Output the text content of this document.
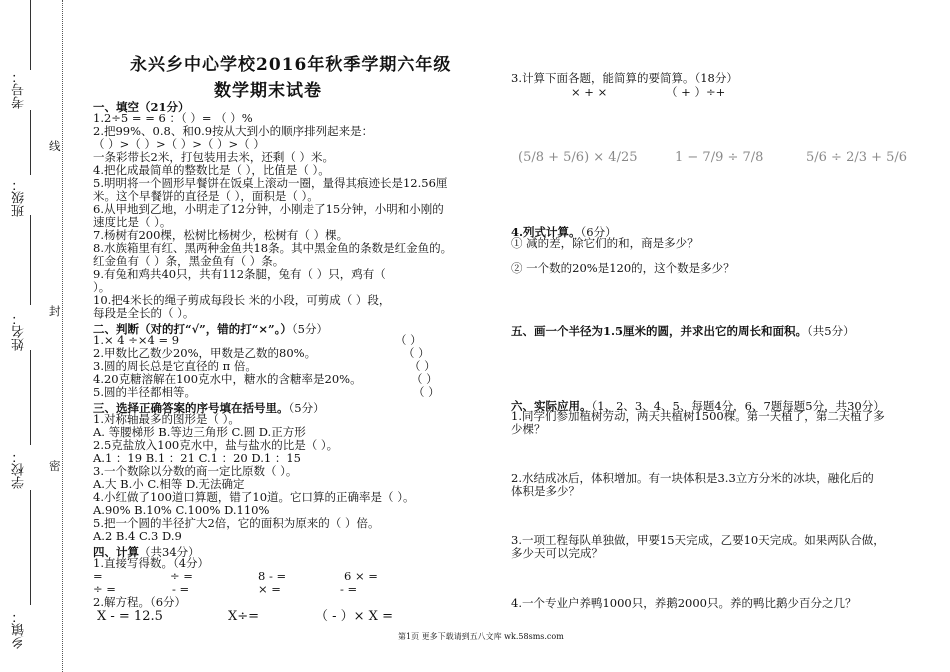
考号：
班级：
姓名：
学校：
乡镇：
线
封
密
永兴乡中心学校2016年秋季学期六年级
数学期末试卷
一、填空（21分）
1.2÷5 = = 6 ：（ ）= （ ）%
2.把99%、0.8、和0.9按从大到小的顺序排列起来是：
（ ）>（ ）>（ ）>（ ）>（ ）
一条彩带长2米，打包装用去米，还剩（ ）米。
4.把化成最简单的整数比是（ ），比值是（ ）。
5.明明将一个圆形早餐饼在饭桌上滚动一圈，量得其痕迹长是12.56厘
米。这个早餐饼的直径是（ ），面积是（ ）。
6.从甲地到乙地，小明走了12分钟，小刚走了15分钟，小明和小刚的
速度比是（ ）。
7.杨树有200棵，松树比杨树少，松树有（ ）棵。
8.水族箱里有红、黑两种金鱼共18条。其中黑金鱼的条数是红金鱼的。
红金鱼有（ ）条，黑金鱼有（ ）条。
9.有兔和鸡共40只，共有112条腿，兔有（ ）只，鸡有（
）。
10.把4米长的绳子剪成每段长 米的小段，可剪成（ ）段，
每段是全长的（ ）。
二、判断（对的打“√”，错的打“×”。）（5分）
1.× 4 ÷×4 = 9	（ ）
2.甲数比乙数少20%，甲数是乙数的80%。	（ ）
3.圆的周长总是它直径的 π 倍。	（ ）
4.20克糖溶解在100克水中，糖水的含糖率是20%。	（ ）
5.圆的半径都相等。	（ ）
三、选择正确答案的序号填在括号里。（5分）
1.对称轴最多的图形是（ ）。
A. 等腰梯形 B.等边三角形 C.圆 D.正方形
2.5克盐放入100克水中，盐与盐水的比是（ ）。
A.1 ：19 B.1 ：21 C.1 ：20 D.1 ：15
3.一个数除以分数的商一定比原数（ ）。
A.大 B.小 C.相等 D.无法确定
4.小红做了100道口算题，错了10道。它口算的正确率是（ ）。
A.90% B.10% C.100% D.110%
5.把一个圆的半径扩大2倍，它的面积为原来的（ ）倍。
A.2 B.4 C.3 D.9
四、计算（共34分）
1.直接写得数。（4分）
=	÷ =	8 - =	6 × =
÷ =	- =	× =	- =
2.解方程。（6分）
X - = 12.5	X÷=	（ - ）× X =
3.计算下面各题，能简算的要简算。（18分）
× + ×	（ + ）÷+
(5/8 + 5/6) × 4/25	1 − 7/9 ÷ 7/8	5/6 ÷ 2/3 + 5/6
4.列式计算。（6分）
① 减的差，除它们的和，商是多少？
② 一个数的20%是120的，这个数是多少？
五、画一个半径为1.5厘米的圆，并求出它的周长和面积。（共5分）
六、实际应用。（1、2、3、4、5、每题4分，6、7题每题5分，共30分）
1.同学们参加植树劳动，两天共植树1500棵。第一天植了，第二天植了多
少棵？
2.水结成冰后，体积增加。有一块体积是3.3立方分米的冰块，融化后的
体积是多少？
3.一项工程每队单独做，甲要15天完成，乙要10天完成。如果两队合做，
多少天可以完成？
4.一个专业户养鸭1000只，养鹅2000只。养的鸭比鹅少百分之几？
第1页 更多下载请到五八文库 wk.58sms.com
